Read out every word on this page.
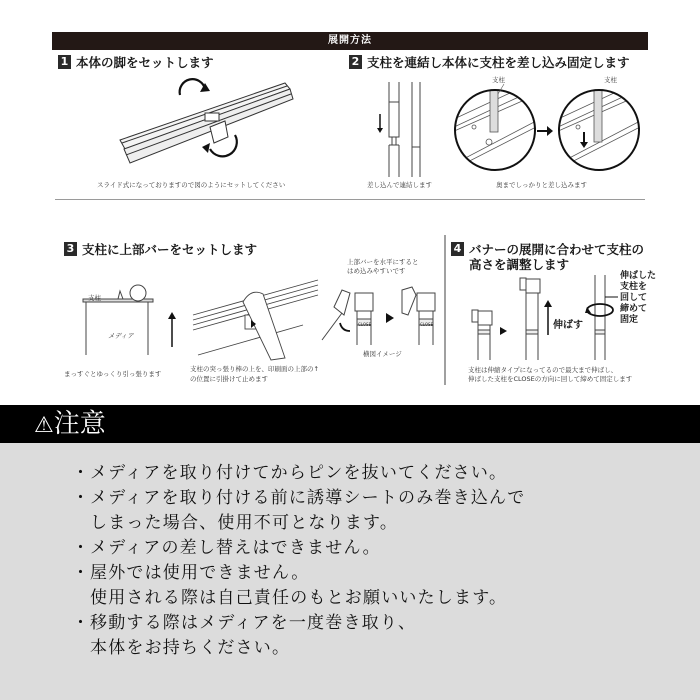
展開方法
1 本体の脚をセットします
スライド式になっておりますので図のようにセットしてください
2 支柱を連結し本体に支柱を差し込み固定します
差し込んで連結します
支柱	支柱
奥までしっかりと差し込みます
3 支柱に上部バーをセットします
支柱
メディア
まっすぐとゆっくり引っ張ります
支柱の突っ張り棒の上を、印刷面の上部の↑
の位置に引掛けて止めます
上部バーを水平にすると
はめ込みやすいです
CLOSE	CLOSE
横図イメージ
4 バナーの展開に合わせて支柱の
高さを調整します
伸ばす
伸ばした
支柱を
回して
締めて
固定
支柱は伸縮タイプになってるので最大まで伸ばし、
伸ばした支柱をCLOSEの方向に回して締めて固定します
⚠注意
・メディアを取り付けてからピンを抜いてください。
・メディアを取り付ける前に誘導シートのみ巻き込んで
しまった場合、使用不可となります。
・メディアの差し替えはできません。
・屋外では使用できません。
使用される際は自己責任のもとお願いいたします。
・移動する際はメディアを一度巻き取り、
本体をお持ちください。
